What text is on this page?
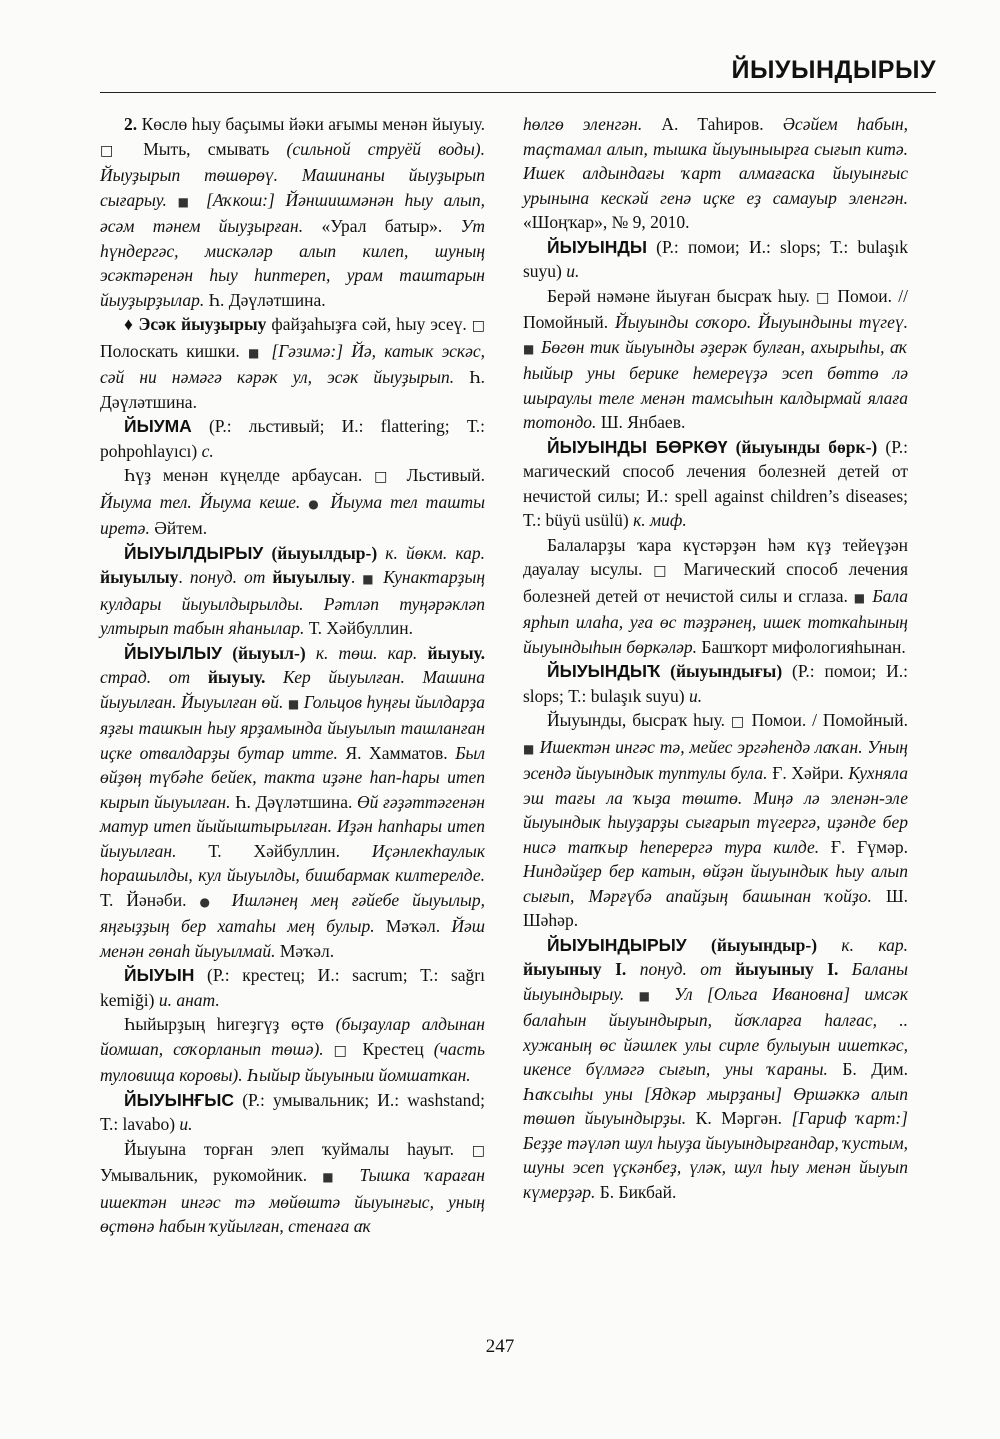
ЙЫУЫНДЫРЫУ

2. Көслө һыу баҫымы йәки ағымы менән йыуыу. □ Мыть, смывать (сильной струёй воды). Йыуҙырып төшөрөү. Машинаны йыуҙырып сығарыу. ■ [Аҡкош:] Йәншишмәнән һыу алып, әсәм тәнем йыуҙырған. «Урал батыр». Ут һүндергәс, мискәләр алып килеп, шуның эсәктәренән һыу һиптереп, урам таштарын йыуҙырҙылар. Һ. Дәүләтшина.

♦ Эсәк йыуҙырыу файҙаһыҙға сәй, һыу эсеү. □ Полоскать кишки. ■ [Гәзимә:] Йә, катык эскәс, сәй ни нәмәгә кәрәк ул, эсәк йыуҙырып. Һ. Дәүләтшина.

ЙЫУМА (Р.: льстивый; И.: flattering; Т.: pohpohlayıcı) с.

Һүҙ менән күңелде арбаусан. □ Льстивый. Йыума тел. Йыума кеше. ● Йыума тел ташты иретә. Әйтем.

ЙЫУЫЛДЫРЫУ (йыуылдыр-) к. йөкм. кар. йыуылыу. понуд. от йыуылыу. ■ Кунактарҙың кулдары йыуылдырылды. Рәтләп туңәрәкләп ултырып табын яһанылар. Т. Хәйбуллин.

ЙЫУЫЛЫУ (йыуыл-) к. төш. кар. йыуыу. страд. от йыуыу. Кер йыуылған. Машина йыуылған. Йыуылған өй. ■ Гольцов һуңғы йылдарҙа яҙғы ташкын һыу ярҙамында йыуылып ташланған иҫке отвалдарҙы бутар итте. Я. Хамматов. Был өйҙөң түбәһе бейек, такта иҙәне һап-һары итеп кырып йыуылған. Һ. Дәүләтшина. Өй ғәҙәттәгенән матур итеп йыйыштырылған. Иҙән һапһары итеп йыуылған. Т. Хәйбуллин. Иҫәнлекһаулык һорашылды, кул йыуылды, бишбармак килтерелде. Т. Йәнәби. ● Ишләнең мең ғәйебе йыуылыр, яңғыҙҙың бер хатаһы мең булыр. Мәҡәл. Йәш менән гөнаһ йыуылмай. Мәҡәл.

ЙЫУЫН (Р.: крестец; И.: sacrum; Т.: sağrı kemiği) и. анат.

Һыйырҙың һигеҙгүҙ өҫтө (быҙаулар алдынан йомшап, соҡорланып төшә). □ Крестец (часть туловища коровы). Һыйыр йыуыныи йомшаткан.

ЙЫУЫНҒЫС (Р.: умывальник; И.: washstand; Т.: lavabo) и.

Йыуына торған элеп ҡуймалы һауыт. □ Умывальник, рукомойник. ■ Тышка ҡараған ишектән ингәс тә мөйөштә йыуынғыс, уның өҫтөнә һабын ҡуйылған, стенаға аҡ

һөлгө эленгән. А. Таһиров. Әсәйем һабын, таҫтамал алып, тышка йыуыныырға сығып китә. Ишек алдындағы ҡарт алмағаска йыуынғыс урынына кескәй генә иҫке еҙ самауыр эленгән. «Шоңҡар», № 9, 2010.

ЙЫУЫНДЫ (Р.: помои; И.: slops; Т.: bulaşık suyu) и.

Берәй нәмәне йыуған бысраҡ һыу. □ Помои. // Помойный. Йыуынды соҡоро. Йыуындыны түгеү. ■ Бөгөн тик йыуынды әҙерәк булған, ахырыһы, аҡ һыйыр уны берике һемереүҙә эсеп бөттө лә шыраулы теле менән тамсыһын калдырмай ялаға тотондо. Ш. Янбаев.

ЙЫУЫНДЫ БӨРКӨҮ (йыуынды бөрк-) (Р.: магический способ лечения болезней детей от нечистой силы; И.: spell against children’s diseases; Т.: büyü usülü) к. миф.

Балаларҙы ҡара күстәрҙән һәм күҙ тейеүҙән дауалау ысулы. □ Магический способ лечения болезней детей от нечистой силы и сглаза. ■ Бала ярһып илаһа, уға өс тәҙрәнең, ишек тоткаһының йыуындыһын бөркәләр. Башҡорт мифологияһынан.

ЙЫУЫНДЫҠ (йыуындығы) (Р.: помои; И.: slops; Т.: bulaşık suyu) и.

Йыуынды, бысраҡ һыу. □ Помои. / Помойный. ■ Ишектән ингәс тә, мейес эргәһендә лаҡан. Уның эсендә йыуындык туптулы була. Ғ. Хәйри. Кухняла эш тағы ла ҡыҙа төштө. Миңә лә эленән-эле йыуындык һыуҙарҙы сығарып түгергә, иҙәнде бер нисә тапҡыр һеперергә тура килде. Ғ. Ғүмәр. Ниндәйҙер бер катын, өйҙән йыуындык һыу алып сығып, Мәрғүбә апайҙың башынан ҡойҙо. Ш. Шәһәр.

ЙЫУЫНДЫРЫУ (йыуындыр-) к. кар. йыуыныу I. понуд. от йыуыныу I. Баланы йыуындырыу. ■ Ул [Ольга Ивановна] имсәк балаһын йыуындырып, йоҡларға һалғас, .. хужаның өс йәшлек улы сирле булыуын ишеткәс, икенсе бүлмәгә сығып, уны ҡараны. Б. Дим. Һаҡсыһы уны [Ядкәр мырҙаны] Өршәккә алып төшөп йыуындырҙы. К. Мәргән. [Гариф ҡарт:] Беҙҙе тәүләп шул һыуҙа йыуындырғандар, ҡустым, шуны эсеп үҫкәнбеҙ, үләк, шул һыу менән йыуып күмерҙәр. Б. Бикбай.

247
